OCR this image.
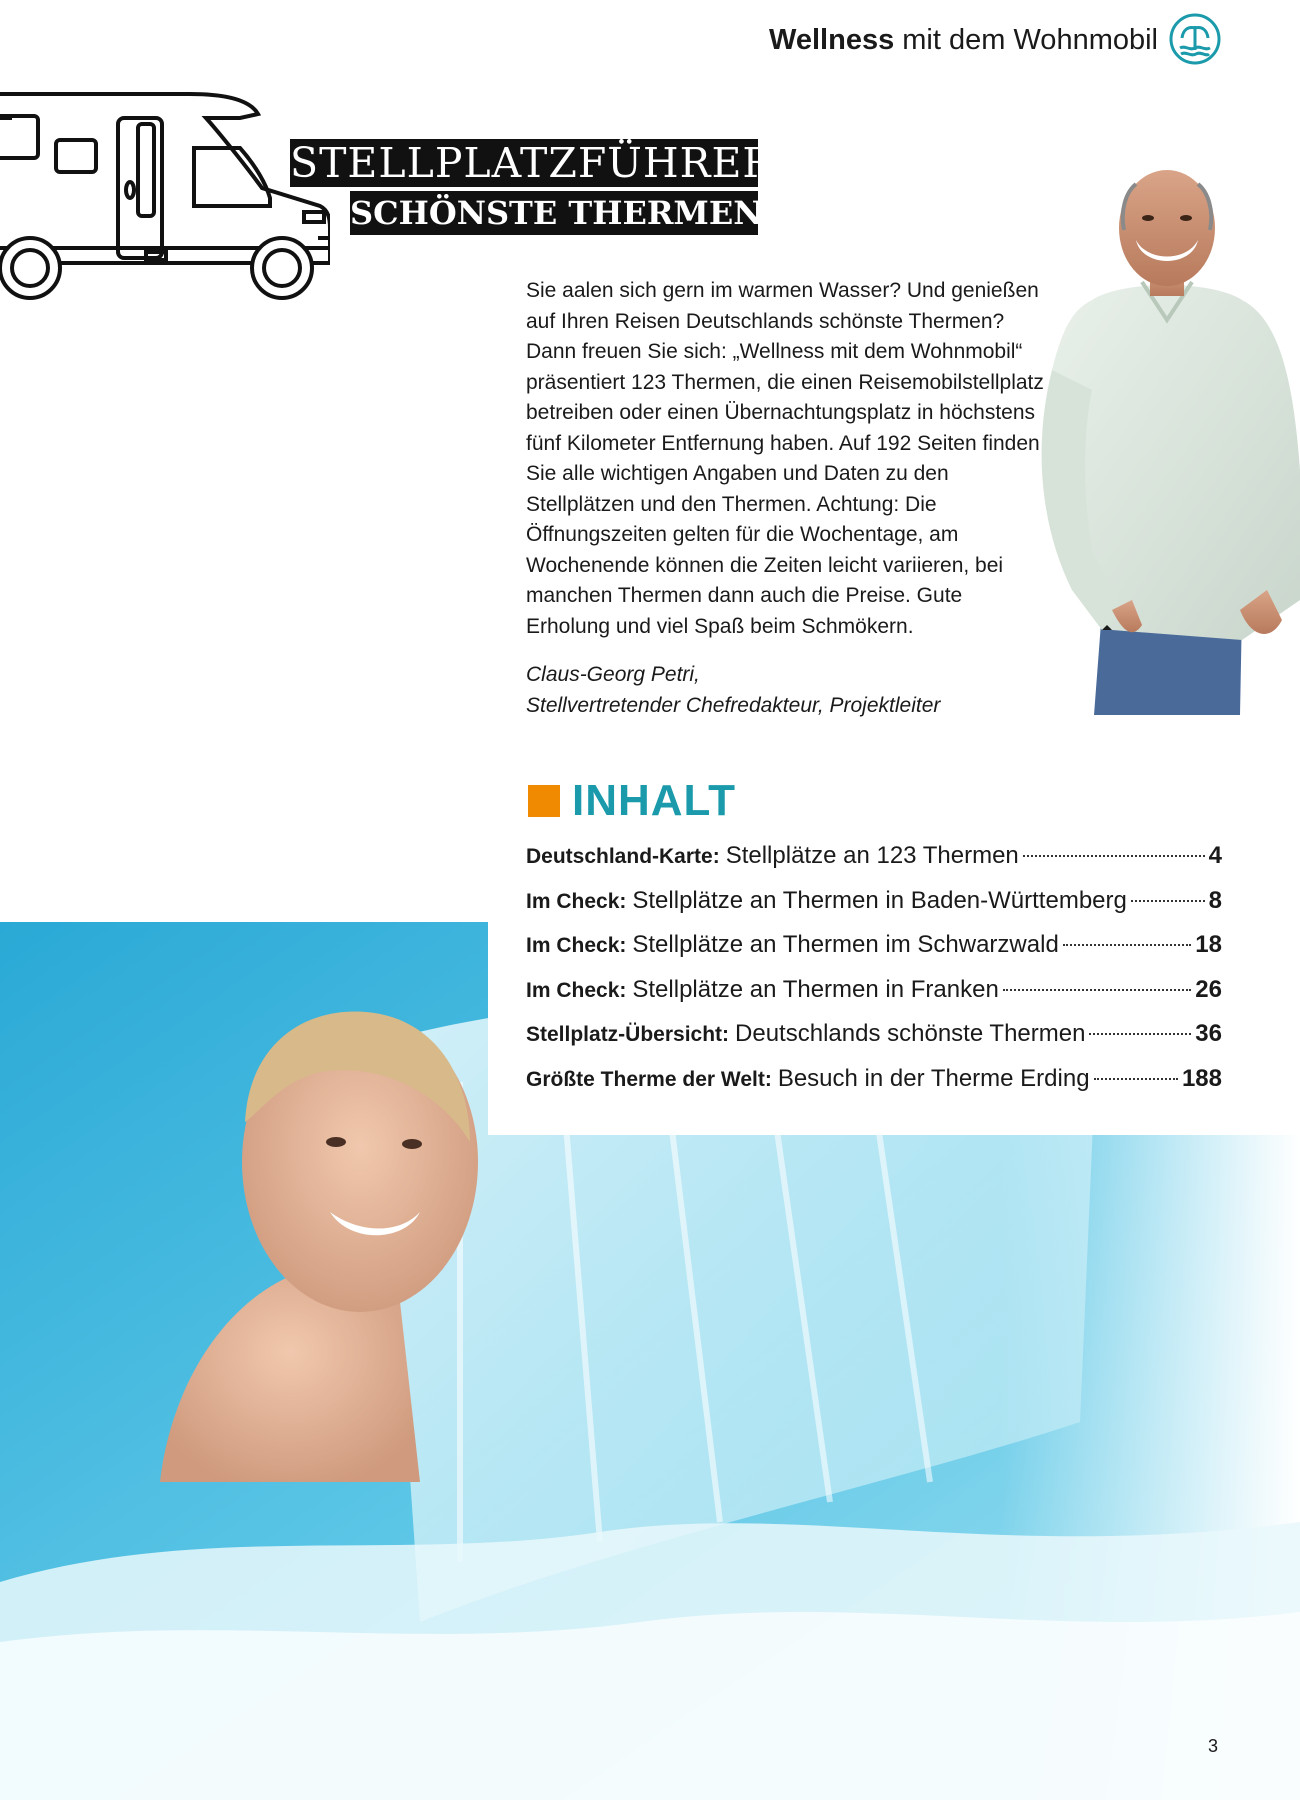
Wellness mit dem Wohnmobil
STELLPLATZFÜHRER
SCHÖNSTE THERMEN

Sie aalen sich gern im warmen Wasser? Und genießen auf Ihren Reisen Deutschlands schönste Thermen? Dann freuen Sie sich: „Wellness mit dem Wohnmobil“ präsentiert 123 Thermen, die einen Reisemobilstellplatz betreiben oder einen Übernachtungsplatz in höchstens fünf Kilometer Entfernung haben. Auf 192 Seiten finden Sie alle wichtigen Angaben und Daten zu den Stellplätzen und den Thermen. Achtung: Die Öffnungszeiten gelten für die Wochentage, am Wochenende können die Zeiten leicht variieren, bei manchen Thermen dann auch die Preise. Gute Erholung und viel Spaß beim Schmökern.

Claus-Georg Petri,
Stellvertretender Chefredakteur, Projektleiter
INHALT
Deutschland-Karte: Stellplätze an 123 Thermen	4
Im Check: Stellplätze an Thermen in Baden-Württemberg	8
Im Check: Stellplätze an Thermen im Schwarzwald	18
Im Check: Stellplätze an Thermen in Franken	26
Stellplatz-Übersicht: Deutschlands schönste Thermen	36
Größte Therme der Welt: Besuch in der Therme Erding	188
3
